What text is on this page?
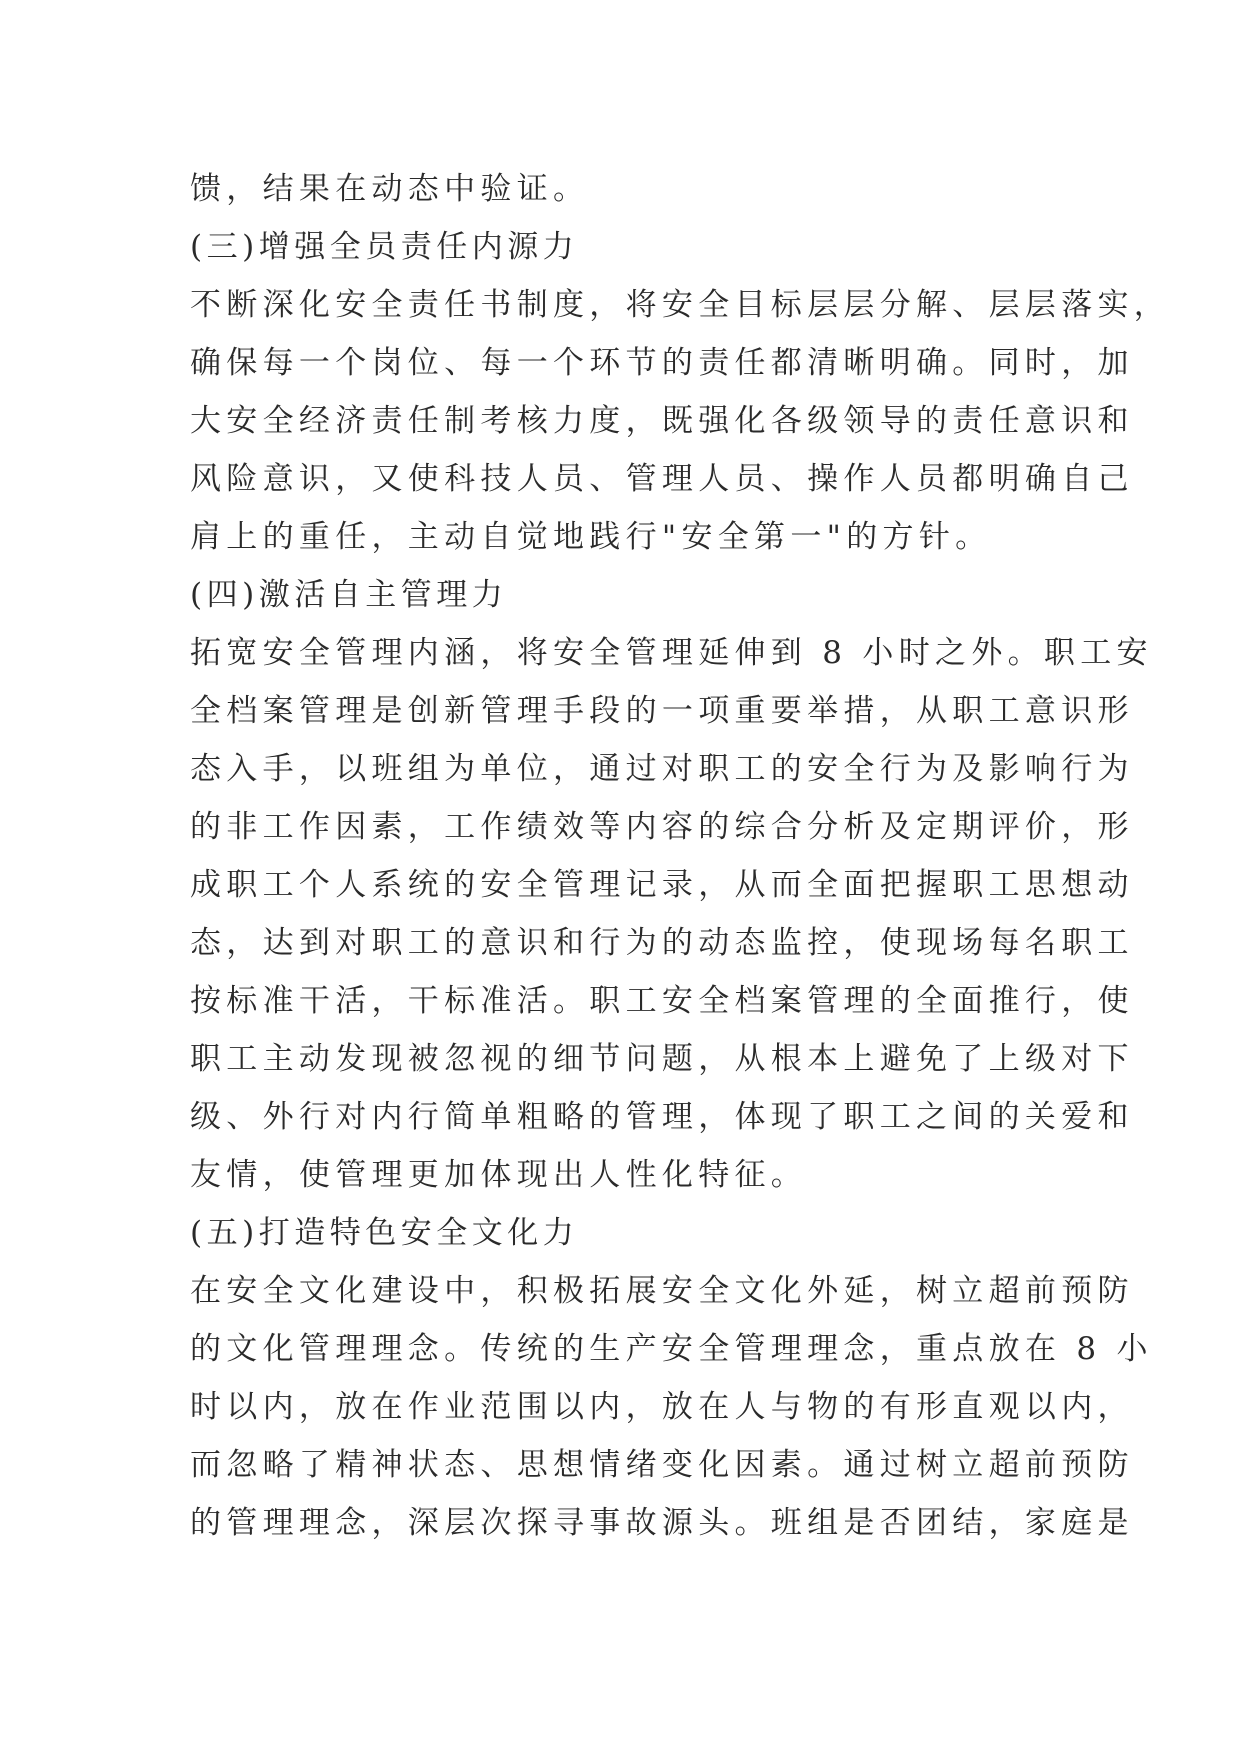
馈，结果在动态中验证。
(三)增强全员责任内源力
不断深化安全责任书制度，将安全目标层层分解、层层落实，
确保每一个岗位、每一个环节的责任都清晰明确。同时，加
大安全经济责任制考核力度，既强化各级领导的责任意识和
风险意识，又使科技人员、管理人员、操作人员都明确自己
肩上的重任，主动自觉地践行"安全第一"的方针。
(四)激活自主管理力
拓宽安全管理内涵，将安全管理延伸到 8 小时之外。职工安
全档案管理是创新管理手段的一项重要举措，从职工意识形
态入手，以班组为单位，通过对职工的安全行为及影响行为
的非工作因素，工作绩效等内容的综合分析及定期评价，形
成职工个人系统的安全管理记录，从而全面把握职工思想动
态，达到对职工的意识和行为的动态监控，使现场每名职工
按标准干活，干标准活。职工安全档案管理的全面推行，使
职工主动发现被忽视的细节问题，从根本上避免了上级对下
级、外行对内行简单粗略的管理，体现了职工之间的关爱和
友情，使管理更加体现出人性化特征。
(五)打造特色安全文化力
在安全文化建设中，积极拓展安全文化外延，树立超前预防
的文化管理理念。传统的生产安全管理理念，重点放在 8 小
时以内，放在作业范围以内，放在人与物的有形直观以内，
而忽略了精神状态、思想情绪变化因素。通过树立超前预防
的管理理念，深层次探寻事故源头。班组是否团结，家庭是
